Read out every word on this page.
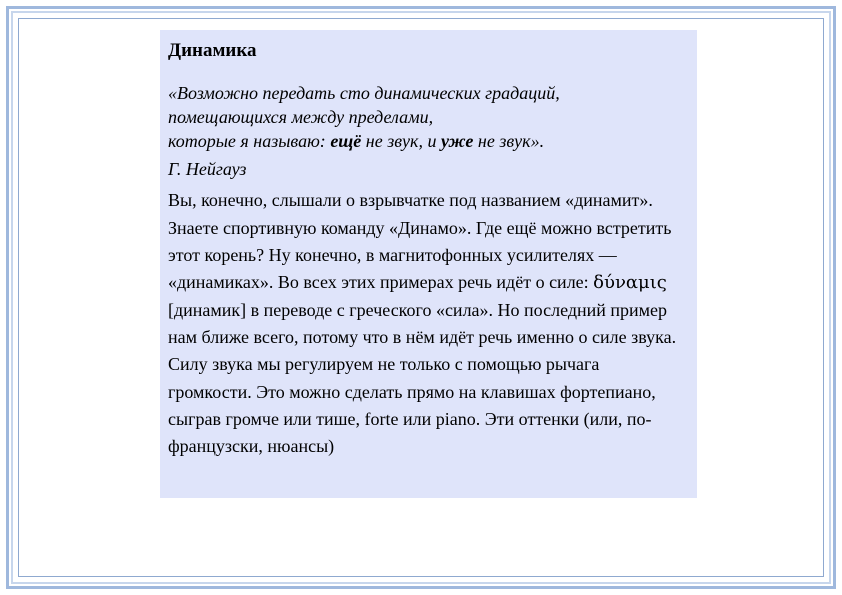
Динамика

«Возможно передать сто динамических градаций,
помещающихся между пределами,
которые я называю: ещё не звук, и уже не звук».

Г. Нейгауз

Вы, конечно, слышали о взрывчатке под названием «динамит». Знаете спортивную команду «Динамо». Где ещё можно встретить этот корень? Ну конечно, в магнитофонных усилителях — «динамиках». Во всех этих примерах речь идёт о силе: δύναμις [динамик] в переводе с греческого «сила». Но последний пример нам ближе всего, потому что в нём идёт речь именно о силе звука. Силу звука мы регулируем не только с помощью рычага громкости. Это можно сделать прямо на клавишах фортепиано, сыграв громче или тише, forte или piano. Эти оттенки (или, по-французски, нюансы)
